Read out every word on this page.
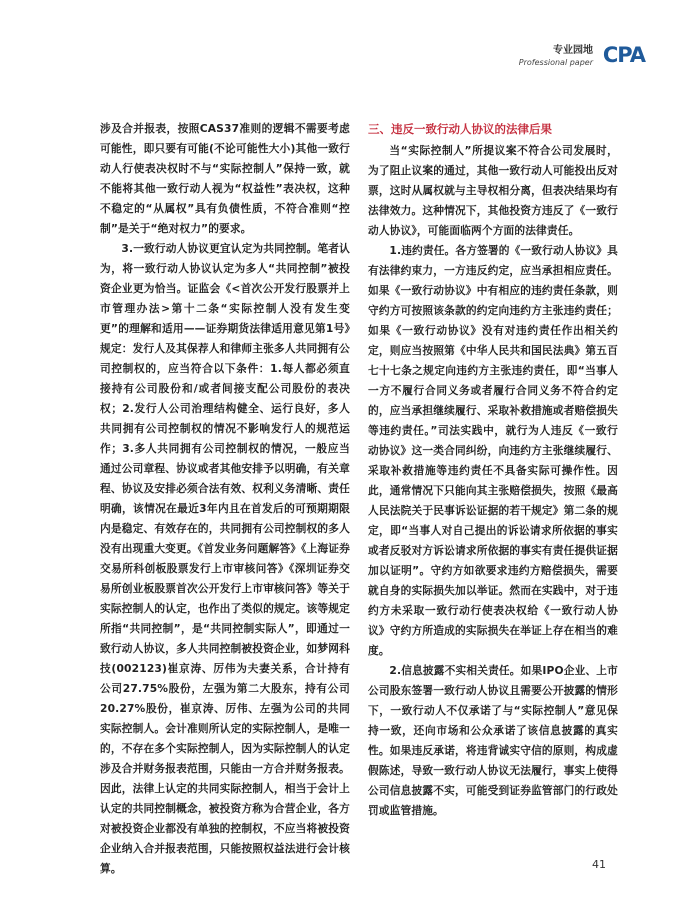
专业园地
Professional paper CPA

涉及合并报表，按照CAS37准则的逻辑不需要考虑可能性，即只要有可能(不论可能性大小)其他一致行动人行使表决权时不与“实际控制人”保持一致，就不能将其他一致行动人视为“权益性”表决权，这种不稳定的“从属权”具有负债性质，不符合准则“控制”是关于“绝对权力”的要求。

3.一致行动人协议更宜认定为共同控制。笔者认为，将一致行动人协议认定为多人“共同控制”被投资企业更为恰当。证监会《<首次公开发行股票并上市管理办法>第十二条“实际控制人没有发生变更”的理解和适用——证券期货法律适用意见第1号》规定：发行人及其保荐人和律师主张多人共同拥有公司控制权的，应当符合以下条件：1.每人都必须直接持有公司股份和/或者间接支配公司股份的表决权；2.发行人公司治理结构健全、运行良好，多人共同拥有公司控制权的情况不影响发行人的规范运作；3.多人共同拥有公司控制权的情况，一般应当通过公司章程、协议或者其他安排予以明确，有关章程、协议及安排必须合法有效、权利义务清晰、责任明确，该情况在最近3年内且在首发后的可预期期限内是稳定、有效存在的，共同拥有公司控制权的多人没有出现重大变更。《首发业务问题解答》《上海证券交易所科创板股票发行上市审核问答》《深圳证券交易所创业板股票首次公开发行上市审核问答》等关于实际控制人的认定，也作出了类似的规定。该等规定所指“共同控制”，是“共同控制实际人”，即通过一致行动人协议，多人共同控制被投资企业，如梦网科技(002123)崔京涛、厉伟为夫妻关系，合计持有公司27.75%股份，左强为第二大股东，持有公司20.27%股份，崔京涛、厉伟、左强为公司的共同实际控制人。会计准则所认定的实际控制人，是唯一的，不存在多个实际控制人，因为实际控制人的认定涉及合并财务报表范围，只能由一方合并财务报表。因此，法律上认定的共同实际控制人，相当于会计上认定的共同控制概念，被投资方称为合营企业，各方对被投资企业都没有单独的控制权，不应当将被投资企业纳入合并报表范围，只能按照权益法进行会计核算。

三、违反一致行动人协议的法律后果

当“实际控制人”所提议案不符合公司发展时，为了阻止议案的通过，其他一致行动人可能投出反对票，这时从属权就与主导权相分离，但表决结果均有法律效力。这种情况下，其他投资方违反了《一致行动人协议》，可能面临两个方面的法律责任。

1.违约责任。各方签署的《一致行动人协议》具有法律约束力，一方违反约定，应当承担相应责任。如果《一致行动协议》中有相应的违约责任条款，则守约方可按照该条款的约定向违约方主张违约责任；如果《一致行动协议》没有对违约责任作出相关约定，则应当按照第《中华人民共和国民法典》第五百七十七条之规定向违约方主张违约责任，即“当事人一方不履行合同义务或者履行合同义务不符合约定的，应当承担继续履行、采取补救措施或者赔偿损失等违约责任。”司法实践中，就行为人违反《一致行动协议》这一类合同纠纷，向违约方主张继续履行、采取补救措施等违约责任不具备实际可操作性。因此，通常情况下只能向其主张赔偿损失，按照《最高人民法院关于民事诉讼证据的若干规定》第二条的规定，即“当事人对自己提出的诉讼请求所依据的事实或者反驳对方诉讼请求所依据的事实有责任提供证据加以证明”。守约方如欲要求违约方赔偿损失，需要就自身的实际损失加以举证。然而在实践中，对于违约方未采取一致行动行使表决权给《一致行动人协议》守约方所造成的实际损失在举证上存在相当的难度。

2.信息披露不实相关责任。如果IPO企业、上市公司股东签署一致行动人协议且需要公开披露的情形下，一致行动人不仅承诺了与“实际控制人”意见保持一致，还向市场和公众承诺了该信息披露的真实性。如果违反承诺，将违背诚实守信的原则，构成虚假陈述，导致一致行动人协议无法履行，事实上使得公司信息披露不实，可能受到证券监管部门的行政处罚或监管措施。

41
